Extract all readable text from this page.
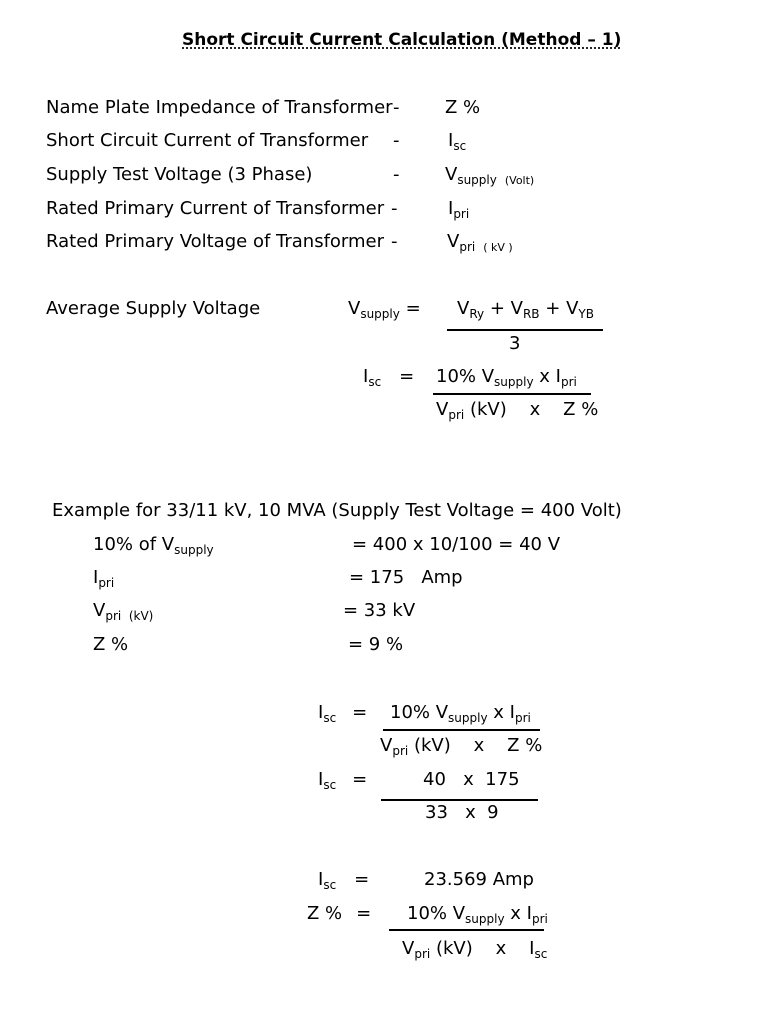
Short Circuit Current Calculation (Method – 1)
Name Plate Impedance of Transformer -	Z %
Short Circuit Current of Transformer -	$I_{sc}$
Supply Test Voltage (3 Phase)	-	$V_{supply}$ $_{(Volt)}$
Rated Primary Current of Transformer -	$I_{pri}$
Rated Primary Voltage of Transformer -	$V_{pri}$ $_{( kV )}$
Average Supply Voltage	$V_{supply} = V_{Ry} + V_{RB} + V_{YB}$
3
$I_{sc} = 10\%$ $V_{supply}$ x $I_{pri}$
$V_{pri}$ (kV)    x    Z %
Example for 33/11 kV, 10 MVA (Supply Test Voltage = 400 Volt)
10% of $V_{supply}$	= 400 x 10/100 = 40 V
$I_{pri}$	= 175   Amp
$V_{pri (kV)}$	= 33 kV
Z %	= 9 %
$I_{sc} = 10\%$ $V_{supply}$ x $I_{pri}$
$V_{pri}$ (kV)    x    Z %
$I_{sc}$ =	40   x  175
33   x  9
$I_{sc}$ =	23.569 Amp
Z % = 10% $V_{supply}$ x $I_{pri}$
$V_{pri}$ (kV)    x    $I_{sc}$
